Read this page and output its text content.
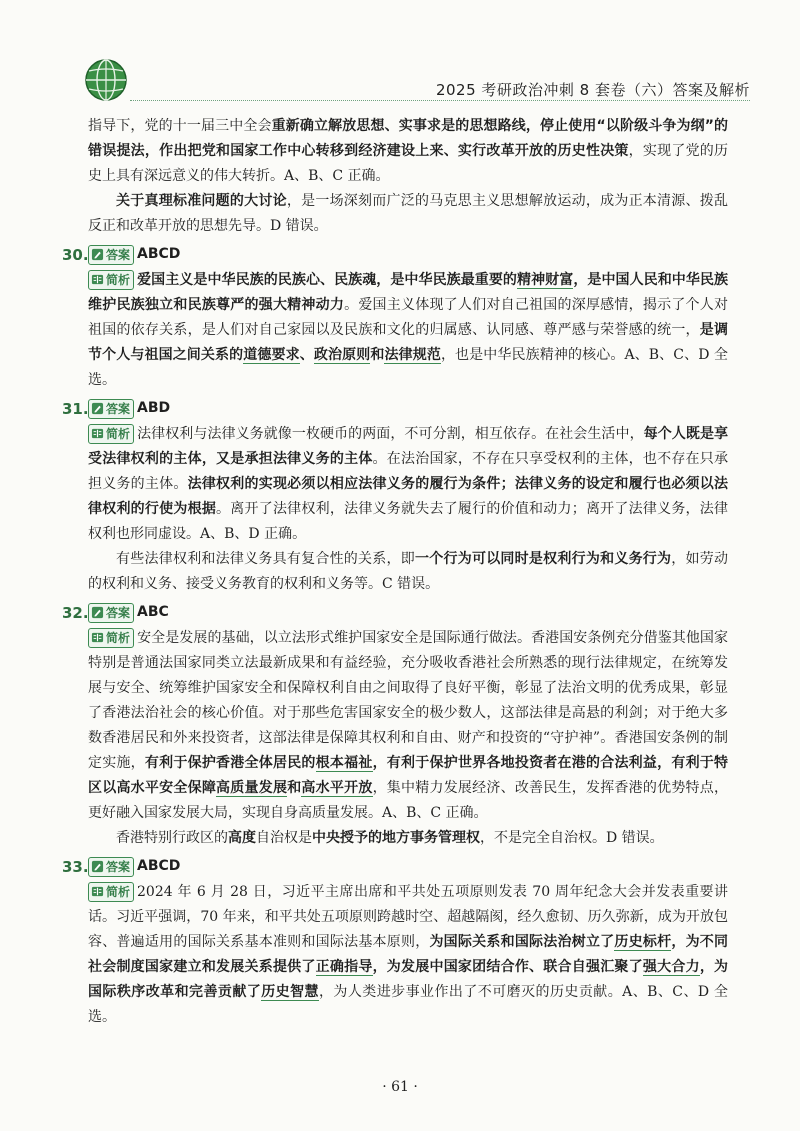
2025 考研政治冲刺 8 套卷（六）答案及解析

指导下，党的十一届三中全会重新确立解放思想、实事求是的思想路线，停止使用“以阶级斗争为纲”的错误提法，作出把党和国家工作中心转移到经济建设上来、实行改革开放的历史性决策，实现了党的历史上具有深远意义的伟大转折。A、B、C 正确。

关于真理标准问题的大讨论，是一场深刻而广泛的马克思主义思想解放运动，成为正本清源、拨乱反正和改革开放的思想先导。D 错误。

30. 答案 ABCD

简析 爱国主义是中华民族的民族心、民族魂，是中华民族最重要的精神财富，是中国人民和中华民族维护民族独立和民族尊严的强大精神动力。爱国主义体现了人们对自己祖国的深厚感情，揭示了个人对祖国的依存关系，是人们对自己家园以及民族和文化的归属感、认同感、尊严感与荣誉感的统一，是调节个人与祖国之间关系的道德要求、政治原则和法律规范，也是中华民族精神的核心。A、B、C、D 全选。

31. 答案 ABD

简析 法律权利与法律义务就像一枚硬币的两面，不可分割，相互依存。在社会生活中，每个人既是享受法律权利的主体，又是承担法律义务的主体。在法治国家，不存在只享受权利的主体，也不存在只承担义务的主体。法律权利的实现必须以相应法律义务的履行为条件；法律义务的设定和履行也必须以法律权利的行使为根据。离开了法律权利，法律义务就失去了履行的价值和动力；离开了法律义务，法律权利也形同虚设。A、B、D 正确。

有些法律权利和法律义务具有复合性的关系，即一个行为可以同时是权利行为和义务行为，如劳动的权利和义务、接受义务教育的权利和义务等。C 错误。

32. 答案 ABC

简析 安全是发展的基础，以立法形式维护国家安全是国际通行做法。香港国安条例充分借鉴其他国家特别是普通法国家同类立法最新成果和有益经验，充分吸收香港社会所熟悉的现行法律规定，在统筹发展与安全、统筹维护国家安全和保障权利自由之间取得了良好平衡，彰显了法治文明的优秀成果，彰显了香港法治社会的核心价值。对于那些危害国家安全的极少数人，这部法律是高悬的利剑；对于绝大多数香港居民和外来投资者，这部法律是保障其权利和自由、财产和投资的“守护神”。香港国安条例的制定实施，有利于保护香港全体居民的根本福祉，有利于保护世界各地投资者在港的合法利益，有利于特区以高水平安全保障高质量发展和高水平开放，集中精力发展经济、改善民生，发挥香港的优势特点，更好融入国家发展大局，实现自身高质量发展。A、B、C 正确。

香港特别行政区的高度自治权是中央授予的地方事务管理权，不是完全自治权。D 错误。

33. 答案 ABCD

简析 2024 年 6 月 28 日，习近平主席出席和平共处五项原则发表 70 周年纪念大会并发表重要讲话。习近平强调，70 年来，和平共处五项原则跨越时空、超越隔阂，经久愈韧、历久弥新，成为开放包容、普遍适用的国际关系基本准则和国际法基本原则，为国际关系和国际法治树立了历史标杆，为不同社会制度国家建立和发展关系提供了正确指导，为发展中国家团结合作、联合自强汇聚了强大合力，为国际秩序改革和完善贡献了历史智慧，为人类进步事业作出了不可磨灭的历史贡献。A、B、C、D 全选。

· 61 ·
